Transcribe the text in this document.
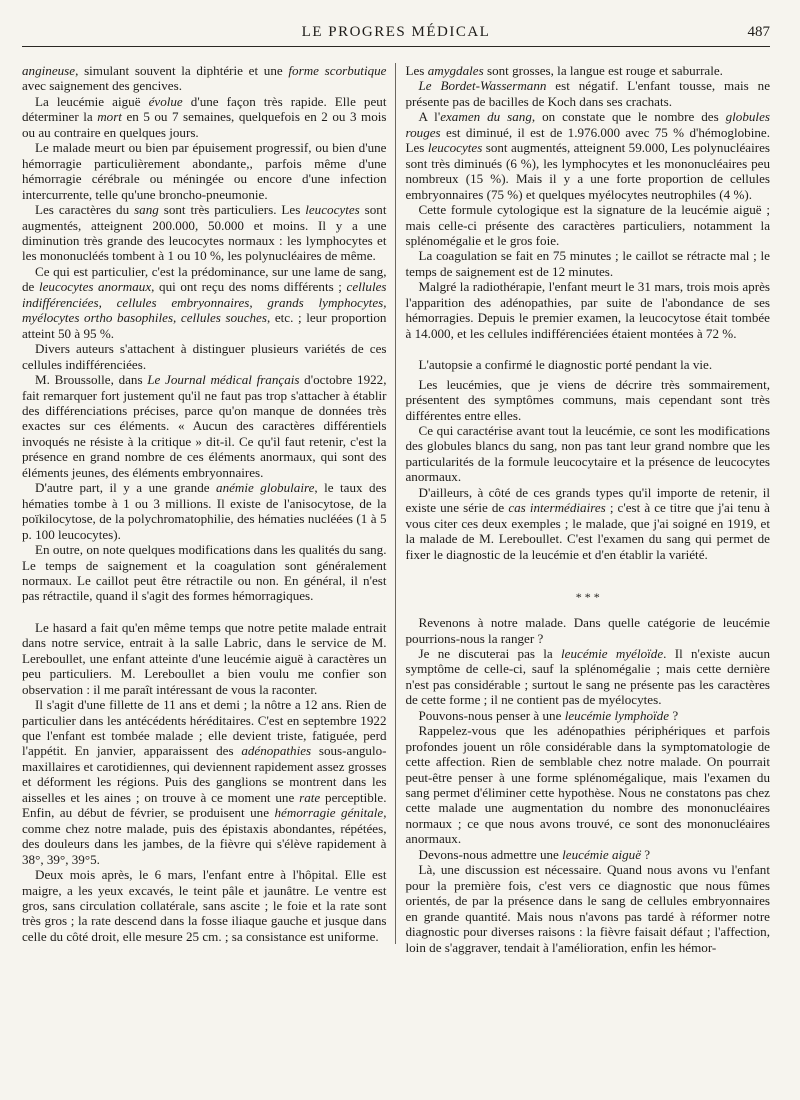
LE PROGRES MÉDICAL	487

angineuse, simulant souvent la diphtérie et une forme scorbutique avec saignement des gencives.

La leucémie aiguë évolue d'une façon très rapide. Elle peut déterminer la mort en 5 ou 7 semaines, quelquefois en 2 ou 3 mois ou au contraire en quelques jours.

Le malade meurt ou bien par épuisement progressif, ou bien d'une hémorragie particulièrement abondante,, parfois même d'une hémorragie cérébrale ou méningée ou encore d'une infection intercurrente, telle qu'une broncho-pneumonie.

Les caractères du sang sont très particuliers. Les leucocytes sont augmentés, atteignent 200.000, 50.000 et moins. Il y a une diminution très grande des leucocytes normaux : les lymphocytes et les mononucléés tombent à 1 ou 10 %, les polynucléaires de même.

Ce qui est particulier, c'est la prédominance, sur une lame de sang, de leucocytes anormaux, qui ont reçu des noms différents ; cellules indifférenciées, cellules embryonnaires, grands lymphocytes, myélocytes ortho basophiles, cellules souches, etc. ; leur proportion atteint 50 à 95 %.

Divers auteurs s'attachent à distinguer plusieurs variétés de ces cellules indifférenciées.

M. Broussolle, dans Le Journal médical français d'octobre 1922, fait remarquer fort justement qu'il ne faut pas trop s'attacher à établir des différenciations précises, parce qu'on manque de données très exactes sur ces éléments. « Aucun des caractères différentiels invoqués ne résiste à la critique » dit-il. Ce qu'il faut retenir, c'est la présence en grand nombre de ces éléments anormaux, qui sont des éléments jeunes, des éléments embryonnaires.

D'autre part, il y a une grande anémie globulaire, le taux des hématies tombe à 1 ou 3 millions. Il existe de l'anisocytose, de la poïkilocytose, de la polychromatophilie, des hématies nucléées (1 à 5 p. 100 leucocytes).

En outre, on note quelques modifications dans les qualités du sang. Le temps de saignement et la coagulation sont généralement normaux. Le caillot peut être rétractile ou non. En général, il n'est pas rétractile, quand il s'agit des formes hémorragiques.

Le hasard a fait qu'en même temps que notre petite malade entrait dans notre service, entrait à la salle Labric, dans le service de M. Lereboullet, une enfant atteinte d'une leucémie aiguë à caractères un peu particuliers. M. Lereboullet a bien voulu me confier son observation : il me paraît intéressant de vous la raconter.

Il s'agit d'une fillette de 11 ans et demi ; la nôtre a 12 ans. Rien de particulier dans les antécédents héréditaires. C'est en septembre 1922 que l'enfant est tombée malade ; elle devient triste, fatiguée, perd l'appétit. En janvier, apparaissent des adénopathies sous-angulo-maxillaires et carotidiennes, qui deviennent rapidement assez grosses et déforment les régions. Puis des ganglions se montrent dans les aisselles et les aines ; on trouve à ce moment une rate perceptible. Enfin, au début de février, se produisent une hémorragie génitale, comme chez notre malade, puis des épistaxis abondantes, répétées, des douleurs dans les jambes, de la fièvre qui s'élève rapidement à 38°, 39°, 39°5.

Deux mois après, le 6 mars, l'enfant entre à l'hôpital. Elle est maigre, a les yeux excavés, le teint pâle et jaunâtre. Le ventre est gros, sans circulation collatérale, sans ascite ; le foie et la rate sont très gros ; la rate descend dans la fosse iliaque gauche et jusque dans celle du côté droit, elle mesure 25 cm. ; sa consistance est uniforme.

Les amygdales sont grosses, la langue est rouge et saburrale.

Le Bordet-Wassermann est négatif. L'enfant tousse, mais ne présente pas de bacilles de Koch dans ses crachats.

A l'examen du sang, on constate que le nombre des globules rouges est diminué, il est de 1.976.000 avec 75 % d'hémoglobine. Les leucocytes sont augmentés, atteignent 59.000, Les polynucléaires sont très diminués (6 %), les lymphocytes et les mononucléaires peu nombreux (15 %). Mais il y a une forte proportion de cellules embryonnaires (75 %) et quelques myélocytes neutrophiles (4 %).

Cette formule cytologique est la signature de la leucémie aiguë ; mais celle-ci présente des caractères particuliers, notamment la splénomégalie et le gros foie.

La coagulation se fait en 75 minutes ; le caillot se rétracte mal ; le temps de saignement est de 12 minutes.

Malgré la radiothérapie, l'enfant meurt le 31 mars, trois mois après l'apparition des adénopathies, par suite de l'abondance de ses hémorragies. Depuis le premier examen, la leucocytose était tombée à 14.000, et les cellules indifférenciées étaient montées à 72 %.

L'autopsie a confirmé le diagnostic porté pendant la vie.

Les leucémies, que je viens de décrire très sommairement, présentent des symptômes communs, mais cependant sont très différentes entre elles.

Ce qui caractérise avant tout la leucémie, ce sont les modifications des globules blancs du sang, non pas tant leur grand nombre que les particularités de la formule leucocytaire et la présence de leucocytes anormaux.

D'ailleurs, à côté de ces grands types qu'il importe de retenir, il existe une série de cas intermédiaires ; c'est à ce titre que j'ai tenu à vous citer ces deux exemples ; le malade, que j'ai soigné en 1919, et la malade de M. Lereboullet. C'est l'examen du sang qui permet de fixer le diagnostic de la leucémie et d'en établir la variété.

* * *

Revenons à notre malade. Dans quelle catégorie de leucémie pourrions-nous la ranger ?

Je ne discuterai pas la leucémie myéloïde. Il n'existe aucun symptôme de celle-ci, sauf la splénomégalie ; mais cette dernière n'est pas considérable ; surtout le sang ne présente pas les caractères de cette forme ; il ne contient pas de myélocytes.

Pouvons-nous penser à une leucémie lymphoïde ?

Rappelez-vous que les adénopathies périphériques et parfois profondes jouent un rôle considérable dans la symptomatologie de cette affection. Rien de semblable chez notre malade. On pourrait peut-être penser à une forme splénomégalique, mais l'examen du sang permet d'éliminer cette hypothèse. Nous ne constatons pas chez cette malade une augmentation du nombre des mononucléaires normaux ; ce que nous avons trouvé, ce sont des mononucléaires anormaux.

Devons-nous admettre une leucémie aiguë ?

Là, une discussion est nécessaire. Quand nous avons vu l'enfant pour la première fois, c'est vers ce diagnostic que nous fûmes orientés, de par la présence dans le sang de cellules embryonnaires en grande quantité. Mais nous n'avons pas tardé à réformer notre diagnostic pour diverses raisons : la fièvre faisait défaut ; l'affection, loin de s'aggraver, tendait à l'amélioration, enfin les hémor-
